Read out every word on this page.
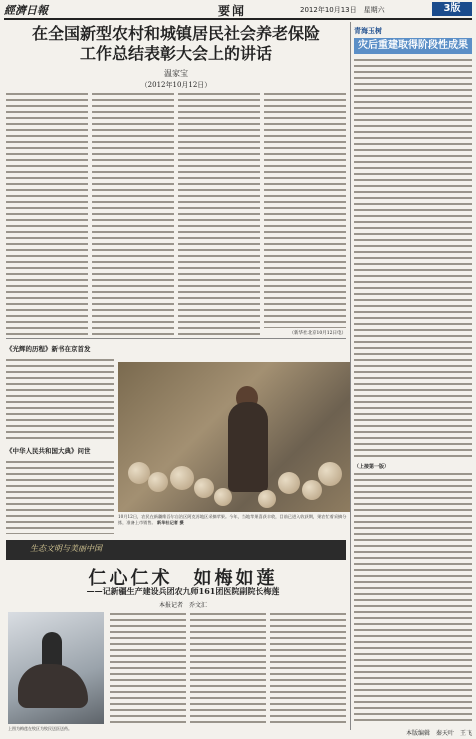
經濟日報	要闻	2012年10月13日　星期六	3版
在全国新型农村和城镇居民社会养老保险
工作总结表彰大会上的讲话
温家宝
（2012年10月12日）
（新华社北京10月12日电）
青海玉树
灾后重建取得阶段性成果
（上接第一版）
《光辉的历程》新书在京首发
《中华人民共和国大典》问世
10月12日，农民在新疆维吾尔自治区阿克苏地区采摘苹果。今年，当地苹果喜获丰收，目前已进入收获期，果农忙着采摘分拣，准备上市销售。 新华社记者 摄
生态文明与美丽中国
仁心仁术　如梅如莲
——记新疆生产建设兵团农九师161团医院副院长梅莲
本报记者　乔文汇
上图为梅莲在牧区为牧民送医送药。
本版编辑　秦天叶　王飞
